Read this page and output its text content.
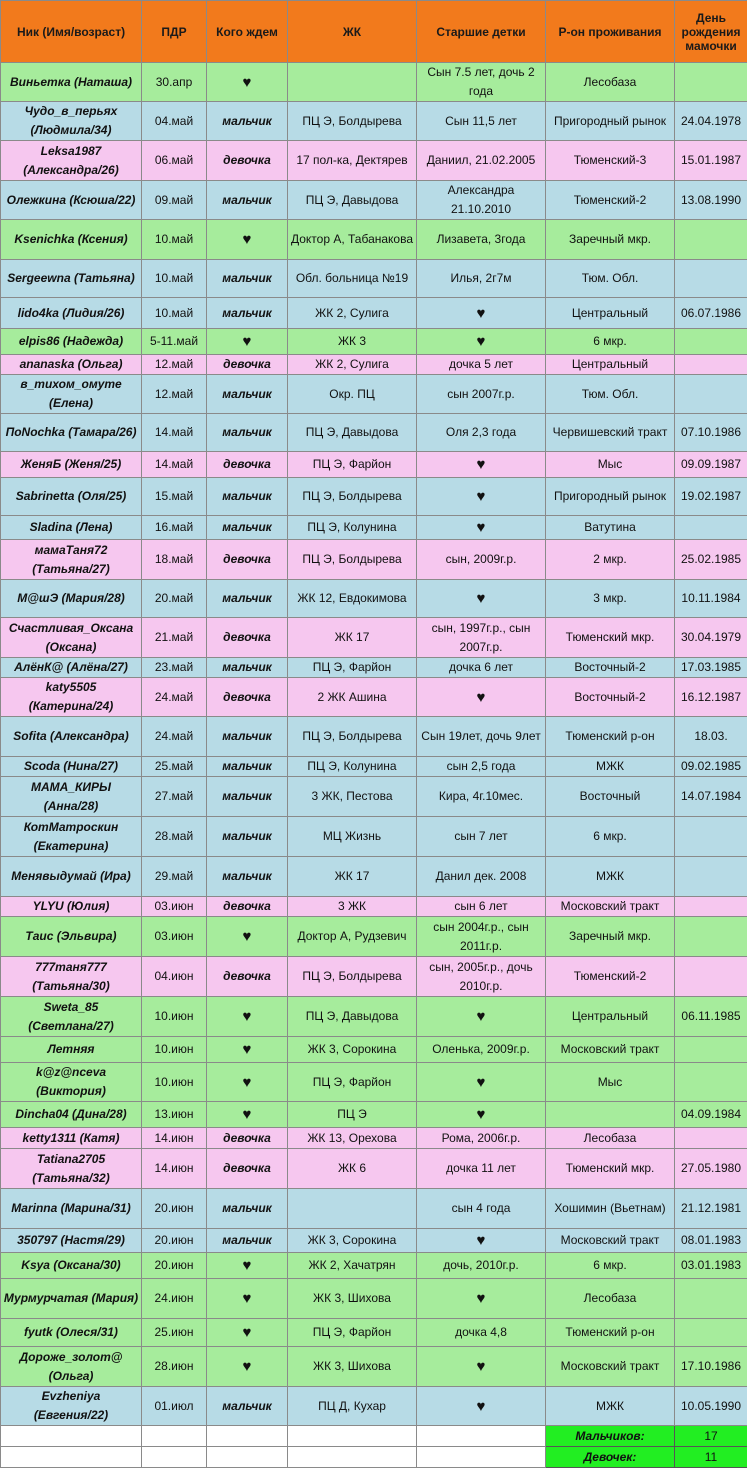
Ник (Имя/возраст)	ПДР	Кого ждем	ЖК	Старшие детки	Р-он проживания	День рождения мамочки
Виньетка (Наташа)	30.апр	♥		Сын 7.5 лет, дочь 2 года	Лесобаза	
Чудо_в_перьях (Людмила/34)	04.май	мальчик	ПЦ Э, Болдырева	Сын 11,5 лет	Пригородный рынок	24.04.1978
Leksa1987 (Александра/26)	06.май	девочка	17 пол-ка, Дектярев	Даниил, 21.02.2005	Тюменский-3	15.01.1987
Олежкина (Ксюша/22)	09.май	мальчик	ПЦ Э, Давыдова	Александра 21.10.2010	Тюменский-2	13.08.1990
Ksenichka (Ксения)	10.май	♥	Доктор А, Табанакова	Лизавета, 3года	Заречный мкр.	
Sergeewna (Татьяна)	10.май	мальчик	Обл. больница №19	Илья, 2г7м	Тюм. Обл.	
lido4ka (Лидия/26)	10.май	мальчик	ЖК 2, Сулига	♥	Центральный	06.07.1986
elpis86 (Надежда)	5-11.май	♥	ЖК 3	♥	6 мкр.	
ananaska (Ольга)	12.май	девочка	ЖК 2, Сулига	дочка 5 лет	Центральный	
в_тихом_омуте (Елена)	12.май	мальчик	Окр. ПЦ	сын 2007г.р.	Тюм. Обл.	
ПоNochka (Тамара/26)	14.май	мальчик	ПЦ Э, Давыдова	Оля 2,3 года	Червишевский тракт	07.10.1986
ЖеняБ (Женя/25)	14.май	девочка	ПЦ Э, Фарйон	♥	Мыс	09.09.1987
Sabrinetta (Оля/25)	15.май	мальчик	ПЦ Э, Болдырева	♥	Пригородный рынок	19.02.1987
Sladina (Лена)	16.май	мальчик	ПЦ Э, Колунина	♥	Ватутина	
мамаТаня72 (Татьяна/27)	18.май	девочка	ПЦ Э, Болдырева	сын, 2009г.р.	2 мкр.	25.02.1985
M@шЭ (Мария/28)	20.май	мальчик	ЖК 12, Евдокимова	♥	3 мкр.	10.11.1984
Счастливая_Оксана (Оксана)	21.май	девочка	ЖК 17	сын, 1997г.р., сын 2007г.р.	Тюменский мкр.	30.04.1979
АлёнК@ (Алёна/27)	23.май	мальчик	ПЦ Э, Фарйон	дочка 6 лет	Восточный-2	17.03.1985
katy5505 (Катерина/24)	24.май	девочка	2 ЖК Ашина	♥	Восточный-2	16.12.1987
Sofita (Александра)	24.май	мальчик	ПЦ Э, Болдырева	Сын 19лет, дочь 9лет	Тюменский р-он	18.03.
Scoda (Нина/27)	25.май	мальчик	ПЦ Э, Колунина	сын 2,5 года	МЖК	09.02.1985
МАМА_КИРЫ (Анна/28)	27.май	мальчик	3 ЖК, Пестова	Кира, 4г.10мес.	Восточный	14.07.1984
КотМатроскин (Екатерина)	28.май	мальчик	МЦ Жизнь	сын 7 лет	6 мкр.	
Менявыдумай (Ира)	29.май	мальчик	ЖК 17	Данил дек. 2008	МЖК	
YLYU (Юлия)	03.июн	девочка	3 ЖК	сын 6 лет	Московский тракт	
Таис (Эльвира)	03.июн	♥	Доктор А, Рудзевич	сын 2004г.р., сын 2011г.р.	Заречный мкр.	
777таня777 (Татьяна/30)	04.июн	девочка	ПЦ Э, Болдырева	сын, 2005г.р., дочь 2010г.р.	Тюменский-2	
Sweta_85 (Светлана/27)	10.июн	♥	ПЦ Э, Давыдова	♥	Центральный	06.11.1985
Летняя	10.июн	♥	ЖК 3, Сорокина	Оленька, 2009г.р.	Московский тракт	
k@z@nceva (Виктория)	10.июн	♥	ПЦ Э, Фарйон	♥	Мыс	
Dincha04 (Дина/28)	13.июн	♥	ПЦ Э	♥		04.09.1984
ketty1311 (Катя)	14.июн	девочка	ЖК 13, Орехова	Рома, 2006г.р.	Лесобаза	
Tatiana2705 (Татьяна/32)	14.июн	девочка	ЖК 6	дочка 11 лет	Тюменский мкр.	27.05.1980
Marinna (Марина/31)	20.июн	мальчик		сын 4 года	Хошимин (Вьетнам)	21.12.1981
350797 (Настя/29)	20.июн	мальчик	ЖК 3, Сорокина	♥	Московский тракт	08.01.1983
Ksya (Оксана/30)	20.июн	♥	ЖК 2, Хачатрян	дочь, 2010г.р.	6 мкр.	03.01.1983
Мурмурчатая (Мария)	24.июн	♥	ЖК 3, Шихова	♥	Лесобаза	
fyutk (Олеся/31)	25.июн	♥	ПЦ Э, Фарйон	дочка 4,8	Тюменский р-он	
Дороже_золот@ (Ольга)	28.июн	♥	ЖК 3, Шихова	♥	Московский тракт	17.10.1986
Evzheniya (Евгения/22)	01.июл	мальчик	ПЦ Д, Кухар	♥	МЖК	10.05.1990
					Мальчиков:	17
					Девочек:	11
